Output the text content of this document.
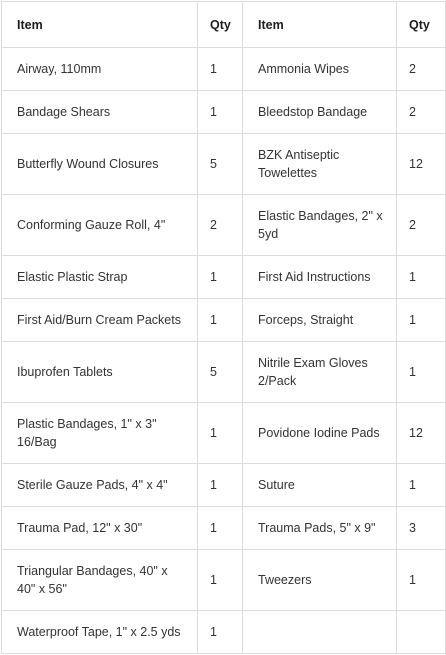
Item	Qty	Item	Qty
Airway, 110mm	1	Ammonia Wipes	2
Bandage Shears	1	Bleedstop Bandage	2
Butterfly Wound Closures	5	BZK Antiseptic Towelettes	12
Conforming Gauze Roll, 4"	2	Elastic Bandages, 2" x 5yd	2
Elastic Plastic Strap	1	First Aid Instructions	1
First Aid/Burn Cream Packets	1	Forceps, Straight	1
Ibuprofen Tablets	5	Nitrile Exam Gloves 2/Pack	1
Plastic Bandages, 1" x 3" 16/Bag	1	Povidone Iodine Pads	12
Sterile Gauze Pads, 4" x 4"	1	Suture	1
Trauma Pad, 12" x 30"	1	Trauma Pads, 5" x 9"	3
Triangular Bandages, 40" x 40" x 56"	1	Tweezers	1
Waterproof Tape, 1" x 2.5 yds	1		
